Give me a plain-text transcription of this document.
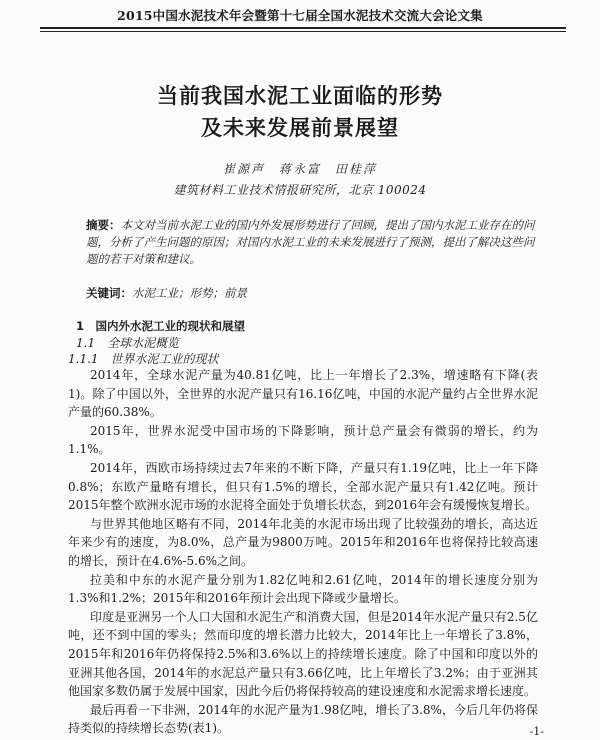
2015中国水泥技术年会暨第十七届全国水泥技术交流大会论文集
当前我国水泥工业面临的形势
及未来发展前景展望
崔源声　蒋永富　田桂萍
建筑材料工业技术情报研究所，北京 100024
摘要：本文对当前水泥工业的国内外发展形势进行了回顾，提出了国内水泥工业存在的问题，分析了产生问题的原因；对国内水泥工业的未来发展进行了预测，提出了解决这些问题的若干对策和建议。
关键词：水泥工业；形势；前景
1　国内外水泥工业的现状和展望
1.1　全球水泥概览
1.1.1　世界水泥工业的现状

2014年，全球水泥产量为40.81亿吨，比上一年增长了2.3%，增速略有下降(表1)。除了中国以外，全世界的水泥产量只有16.16亿吨，中国的水泥产量约占全世界水泥产量的60.38%。

2015年，世界水泥受中国市场的下降影响，预计总产量会有微弱的增长，约为1.1%。

2014年，西欧市场持续过去7年来的不断下降，产量只有1.19亿吨，比上一年下降0.8%；东欧产量略有增长，但只有1.5%的增长，全部水泥产量只有1.42亿吨。预计2015年整个欧洲水泥市场的水泥将全面处于负增长状态，到2016年会有缓慢恢复增长。

与世界其他地区略有不同，2014年北美的水泥市场出现了比较强劲的增长，高达近年来少有的速度，为8.0%，总产量为9800万吨。2015年和2016年也将保持比较高速的增长，预计在4.6%-5.6%之间。

拉美和中东的水泥产量分别为1.82亿吨和2.61亿吨，2014年的增长速度分别为1.3%和1.2%；2015年和2016年预计会出现下降或少量增长。

印度是亚洲另一个人口大国和水泥生产和消费大国，但是2014年水泥产量只有2.5亿吨，还不到中国的零头；然而印度的增长潜力比较大，2014年比上一年增长了3.8%，2015年和2016年仍将保持2.5%和3.6%以上的持续增长速度。除了中国和印度以外的亚洲其他各国，2014年的水泥总产量只有3.66亿吨，比上年增长了3.2%；由于亚洲其他国家多数仍属于发展中国家，因此今后仍将保持较高的建设速度和水泥需求增长速度。

最后再看一下非洲，2014年的水泥产量为1.98亿吨，增长了3.8%，今后几年仍将保持类似的持续增长态势(表1)。	-1-
